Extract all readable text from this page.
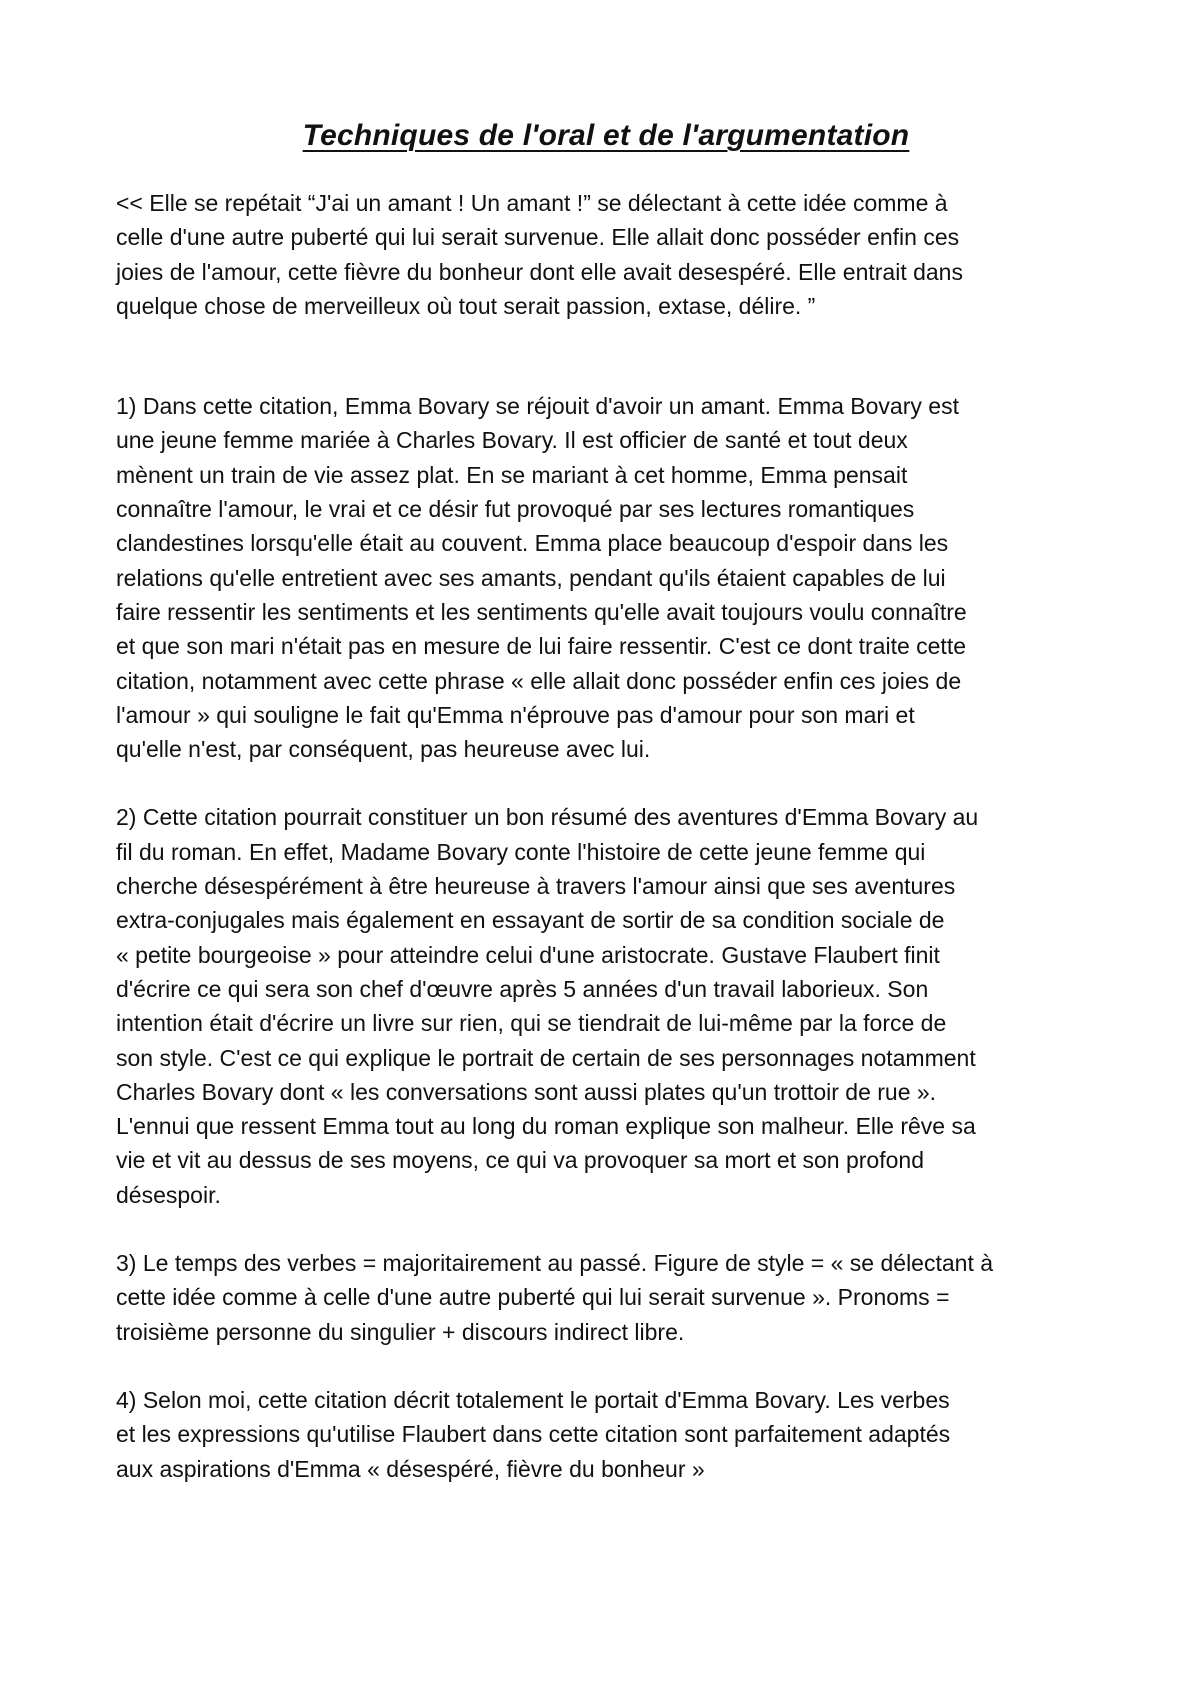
Techniques de l'oral et de l'argumentation

<< Elle se repétait “J'ai un amant ! Un amant !” se délectant à cette idée comme à
celle d'une autre puberté qui lui serait survenue. Elle allait donc posséder enfin ces
joies de l'amour, cette fièvre du bonheur dont elle avait desespéré. Elle entrait dans
quelque chose de merveilleux où tout serait passion, extase, délire. ”

1) Dans cette citation, Emma Bovary se réjouit d'avoir un amant. Emma Bovary est
une jeune femme mariée à Charles Bovary. Il est officier de santé et tout deux
mènent un train de vie assez plat. En se mariant à cet homme, Emma pensait
connaître l'amour, le vrai et ce désir fut provoqué par ses lectures romantiques
clandestines lorsqu'elle était au couvent. Emma place beaucoup d'espoir dans les
relations qu'elle entretient avec ses amants, pendant qu'ils étaient capables de lui
faire ressentir les sentiments et les sentiments qu'elle avait toujours voulu connaître
et que son mari n'était pas en mesure de lui faire ressentir. C'est ce dont traite cette
citation, notamment avec cette phrase « elle allait donc posséder enfin ces joies de
l'amour » qui souligne le fait qu'Emma n'éprouve pas d'amour pour son mari et
qu'elle n'est, par conséquent, pas heureuse avec lui.

2) Cette citation pourrait constituer un bon résumé des aventures d'Emma Bovary au
fil du roman. En effet, Madame Bovary conte l'histoire de cette jeune femme qui
cherche désespérément à être heureuse à travers l'amour ainsi que ses aventures
extra-conjugales mais également en essayant de sortir de sa condition sociale de
« petite bourgeoise » pour atteindre celui d'une aristocrate. Gustave Flaubert finit
d'écrire ce qui sera son chef d'œuvre après 5 années d'un travail laborieux. Son
intention était d'écrire un livre sur rien, qui se tiendrait de lui-même par la force de
son style. C'est ce qui explique le portrait de certain de ses personnages notamment
Charles Bovary dont « les conversations sont aussi plates qu'un trottoir de rue ».
L'ennui que ressent Emma tout au long du roman explique son malheur. Elle rêve sa
vie et vit au dessus de ses moyens, ce qui va provoquer sa mort et son profond
désespoir.

3) Le temps des verbes = majoritairement au passé. Figure de style = « se délectant à
cette idée comme à celle d'une autre puberté qui lui serait survenue ». Pronoms =
troisième personne du singulier + discours indirect libre.

4) Selon moi, cette citation décrit totalement le portait d'Emma Bovary. Les verbes
et les expressions qu'utilise Flaubert dans cette citation sont parfaitement adaptés
aux aspirations d'Emma « désespéré, fièvre du bonheur »
